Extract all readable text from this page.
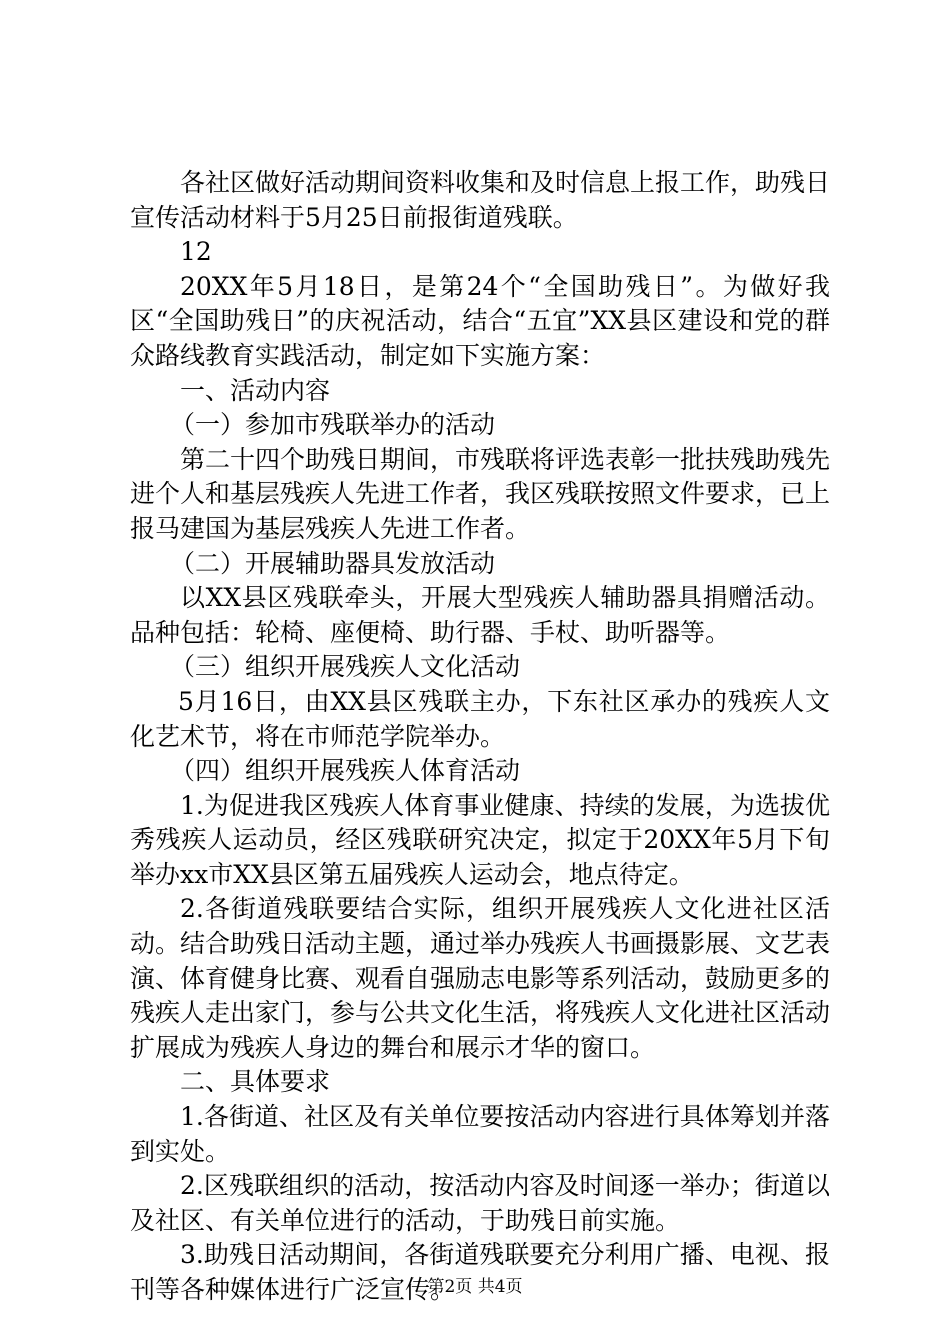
各社区做好活动期间资料收集和及时信息上报工作，助残日宣传活动材料于5月25日前报街道残联。

12

20XX年5月18日，是第24个“全国助残日”。为做好我区“全国助残日”的庆祝活动，结合“五宜”XX县区建设和党的群众路线教育实践活动，制定如下实施方案：

一、活动内容

（一）参加市残联举办的活动

第二十四个助残日期间，市残联将评选表彰一批扶残助残先进个人和基层残疾人先进工作者，我区残联按照文件要求，已上报马建国为基层残疾人先进工作者。

（二）开展辅助器具发放活动

以XX县区残联牵头，开展大型残疾人辅助器具捐赠活动。品种包括：轮椅、座便椅、助行器、手杖、助听器等。

（三）组织开展残疾人文化活动

5月16日，由XX县区残联主办，下东社区承办的残疾人文化艺术节，将在市师范学院举办。

（四）组织开展残疾人体育活动

1.为促进我区残疾人体育事业健康、持续的发展，为选拔优秀残疾人运动员，经区残联研究决定，拟定于20XX年5月下旬举办xx市XX县区第五届残疾人运动会，地点待定。

2.各街道残联要结合实际，组织开展残疾人文化进社区活动。结合助残日活动主题，通过举办残疾人书画摄影展、文艺表演、体育健身比赛、观看自强励志电影等系列活动，鼓励更多的残疾人走出家门，参与公共文化生活，将残疾人文化进社区活动扩展成为残疾人身边的舞台和展示才华的窗口。

二、具体要求

1.各街道、社区及有关单位要按活动内容进行具体筹划并落到实处。

2.区残联组织的活动，按活动内容及时间逐一举办；街道以及社区、有关单位进行的活动，于助残日前实施。

3.助残日活动期间，各街道残联要充分利用广播、电视、报刊等各种媒体进行广泛宣传。

第2页 共4页
